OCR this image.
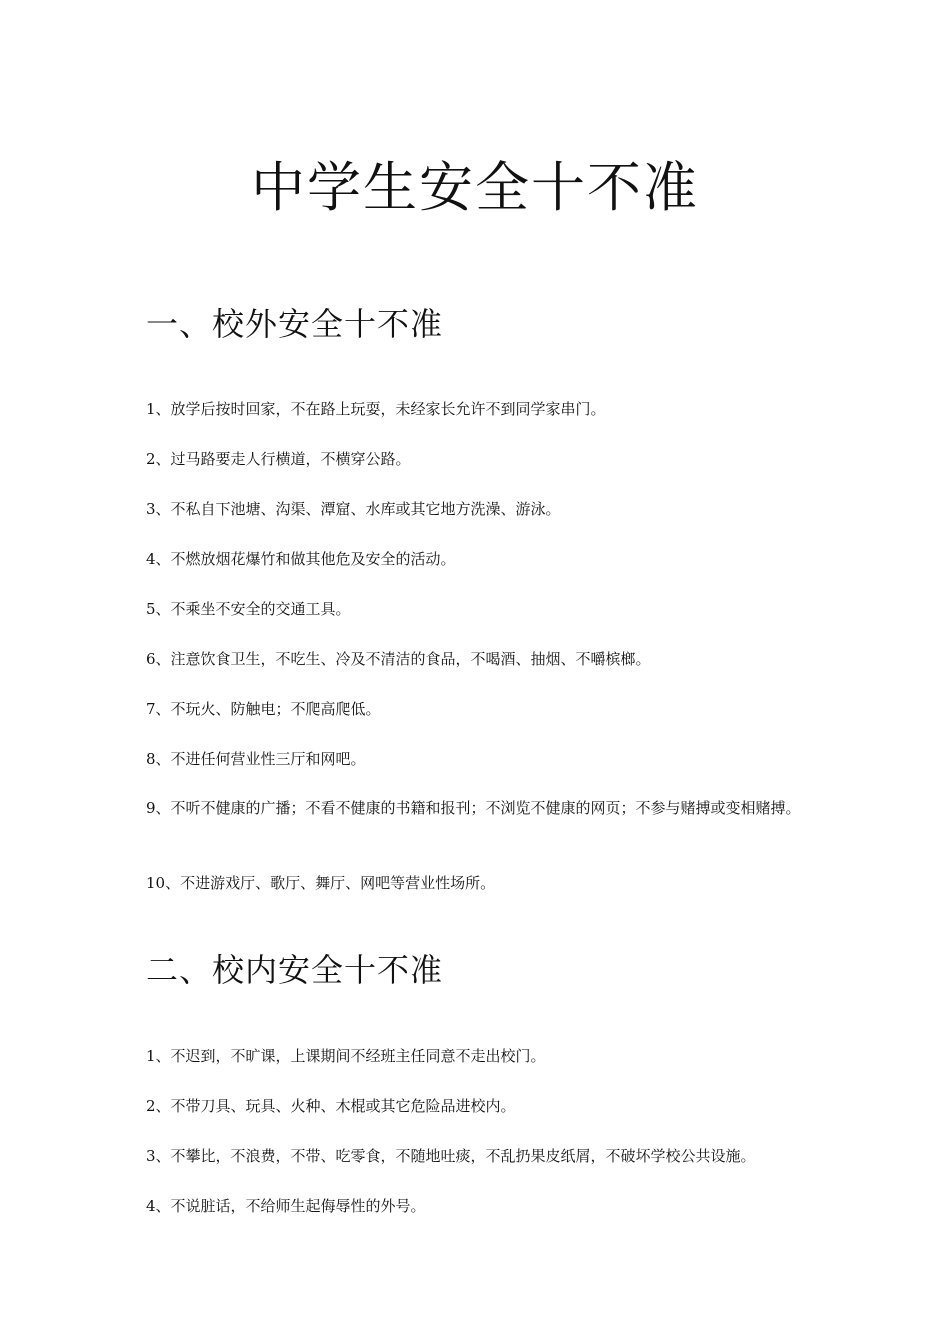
中学生安全十不准
一、校外安全十不准
1、放学后按时回家，不在路上玩耍，未经家长允许不到同学家串门。
2、过马路要走人行横道，不横穿公路。
3、不私自下池塘、沟渠、潭窟、水库或其它地方洗澡、游泳。
4、不燃放烟花爆竹和做其他危及安全的活动。
5、不乘坐不安全的交通工具。
6、注意饮食卫生，不吃生、冷及不清洁的食品，不喝酒、抽烟、不嚼槟榔。
7、不玩火、防触电；不爬高爬低。
8、不进任何营业性三厅和网吧。
9、不听不健康的广播；不看不健康的书籍和报刊；不浏览不健康的网页；不参与赌搏或变相赌搏。
10、不进游戏厅、歌厅、舞厅、网吧等营业性场所。
二、校内安全十不准
1、不迟到，不旷课，上课期间不经班主任同意不走出校门。
2、不带刀具、玩具、火种、木棍或其它危险品进校内。
3、不攀比，不浪费，不带、吃零食，不随地吐痰，不乱扔果皮纸屑，不破坏学校公共设施。
4、不说脏话，不给师生起侮辱性的外号。
